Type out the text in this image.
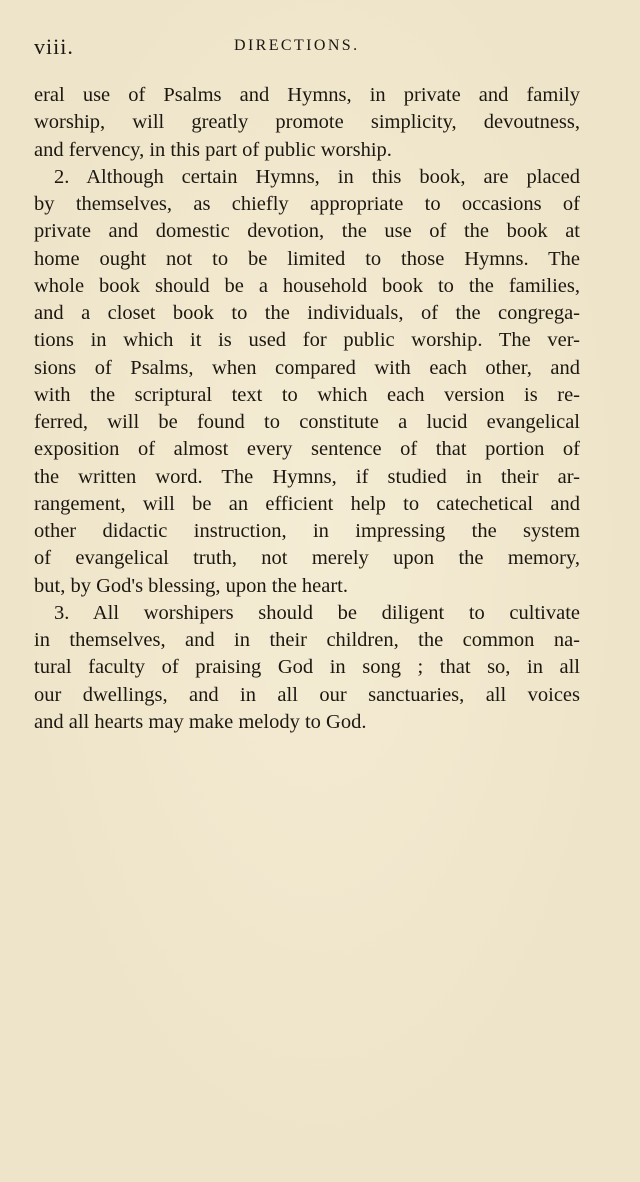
viii.	DIRECTIONS.
eral use of Psalms and Hymns, in private and family
worship, will greatly promote simplicity, devoutness,
and fervency, in this part of public worship.
2. Although certain Hymns, in this book, are placed
by themselves, as chiefly appropriate to occasions of
private and domestic devotion, the use of the book at
home ought not to be limited to those Hymns. The
whole book should be a household book to the families,
and a closet book to the individuals, of the congrega-
tions in which it is used for public worship. The ver-
sions of Psalms, when compared with each other, and
with the scriptural text to which each version is re-
ferred, will be found to constitute a lucid evangelical
exposition of almost every sentence of that portion of
the written word. The Hymns, if studied in their ar-
rangement, will be an efficient help to catechetical and
other didactic instruction, in impressing the system
of evangelical truth, not merely upon the memory,
but, by God's blessing, upon the heart.
3. All worshipers should be diligent to cultivate
in themselves, and in their children, the common na-
tural faculty of praising God in song ; that so, in all
our dwellings, and in all our sanctuaries, all voices
and all hearts may make melody to God.
